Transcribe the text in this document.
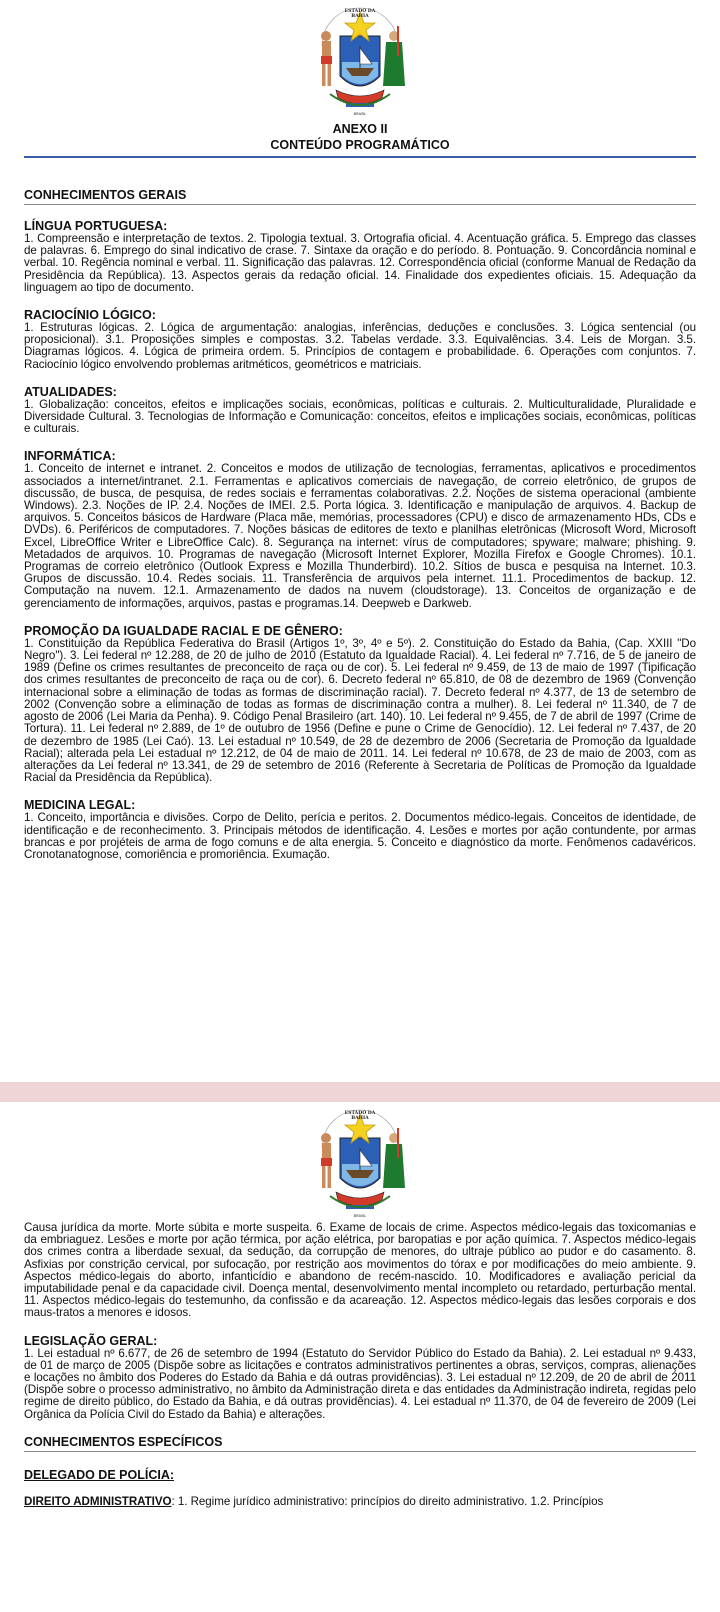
ESTADO DA BAHIA
BRASIL
ANEXO II
CONTEÚDO PROGRAMÁTICO
CONHECIMENTOS GERAIS
LÍNGUA PORTUGUESA:
1. Compreensão e interpretação de textos. 2. Tipologia textual. 3. Ortografia oficial. 4. Acentuação gráfica. 5. Emprego das classes de palavras. 6. Emprego do sinal indicativo de crase. 7. Sintaxe da oração e do período. 8. Pontuação. 9. Concordância nominal e verbal. 10. Regência nominal e verbal. 11. Significação das palavras. 12. Correspondência oficial (conforme Manual de Redação da Presidência da República). 13. Aspectos gerais da redação oficial. 14. Finalidade dos expedientes oficiais. 15. Adequação da linguagem ao tipo de documento.
RACIOCÍNIO LÓGICO:
1. Estruturas lógicas. 2. Lógica de argumentação: analogias, inferências, deduções e conclusões. 3. Lógica sentencial (ou proposicional). 3.1. Proposições simples e compostas. 3.2. Tabelas verdade. 3.3. Equivalências. 3.4. Leis de Morgan. 3.5. Diagramas lógicos. 4. Lógica de primeira ordem. 5. Princípios de contagem e probabilidade. 6. Operações com conjuntos. 7. Raciocínio lógico envolvendo problemas aritméticos, geométricos e matriciais.
ATUALIDADES:
1. Globalização: conceitos, efeitos e implicações sociais, econômicas, políticas e culturais. 2. Multiculturalidade, Pluralidade e Diversidade Cultural. 3. Tecnologias de Informação e Comunicação: conceitos, efeitos e implicações sociais, econômicas, políticas e culturais.
INFORMÁTICA:
1. Conceito de internet e intranet. 2. Conceitos e modos de utilização de tecnologias, ferramentas, aplicativos e procedimentos associados a internet/intranet. 2.1. Ferramentas e aplicativos comerciais de navegação, de correio eletrônico, de grupos de discussão, de busca, de pesquisa, de redes sociais e ferramentas colaborativas. 2.2. Noções de sistema operacional (ambiente Windows). 2.3. Noções de IP. 2.4. Noções de IMEI. 2.5. Porta lógica. 3. Identificação e manipulação de arquivos. 4. Backup de arquivos. 5. Conceitos básicos de Hardware (Placa mãe, memórias, processadores (CPU) e disco de armazenamento HDs, CDs e DVDs). 6. Periféricos de computadores. 7. Noções básicas de editores de texto e planilhas eletrônicas (Microsoft Word, Microsoft Excel, LibreOffice Writer e LibreOffice Calc). 8. Segurança na internet: vírus de computadores; spyware; malware; phishing. 9. Metadados de arquivos. 10. Programas de navegação (Microsoft Internet Explorer, Mozilla Firefox e Google Chromes). 10.1. Programas de correio eletrônico (Outlook Express e Mozilla Thunderbird). 10.2. Sítios de busca e pesquisa na Internet. 10.3. Grupos de discussão. 10.4. Redes sociais. 11. Transferência de arquivos pela internet. 11.1. Procedimentos de backup. 12. Computação na nuvem. 12.1. Armazenamento de dados na nuvem (cloudstorage). 13. Conceitos de organização e de gerenciamento de informações, arquivos, pastas e programas.14. Deepweb e Darkweb.
PROMOÇÃO DA IGUALDADE RACIAL E DE GÊNERO:
1. Constituição da República Federativa do Brasil (Artigos 1º, 3º, 4º e 5º). 2. Constituição do Estado da Bahia, (Cap. XXIII "Do Negro"). 3. Lei federal nº 12.288, de 20 de julho de 2010 (Estatuto da Igualdade Racial). 4. Lei federal nº 7.716, de 5 de janeiro de 1989 (Define os crimes resultantes de preconceito de raça ou de cor). 5. Lei federal nº 9.459, de 13 de maio de 1997 (Tipificação dos crimes resultantes de preconceito de raça ou de cor). 6. Decreto federal nº 65.810, de 08 de dezembro de 1969 (Convenção internacional sobre a eliminação de todas as formas de discriminação racial). 7. Decreto federal nº 4.377, de 13 de setembro de 2002 (Convenção sobre a eliminação de todas as formas de discriminação contra a mulher). 8. Lei federal nº 11.340, de 7 de agosto de 2006 (Lei Maria da Penha). 9. Código Penal Brasileiro (art. 140). 10. Lei federal nº 9.455, de 7 de abril de 1997 (Crime de Tortura). 11. Lei federal nº 2.889, de 1º de outubro de 1956 (Define e pune o Crime de Genocídio). 12. Lei federal nº 7.437, de 20 de dezembro de 1985 (Lei Caó). 13. Lei estadual nº 10.549, de 28 de dezembro de 2006 (Secretaria de Promoção da Igualdade Racial); alterada pela Lei estadual nº 12.212, de 04 de maio de 2011. 14. Lei federal nº 10.678, de 23 de maio de 2003, com as alterações da Lei federal nº 13.341, de 29 de setembro de 2016 (Referente à Secretaria de Políticas de Promoção da Igualdade Racial da Presidência da República).
MEDICINA LEGAL:
1. Conceito, importância e divisões. Corpo de Delito, perícia e peritos. 2. Documentos médico-legais. Conceitos de identidade, de identificação e de reconhecimento. 3. Principais métodos de identificação. 4. Lesões e mortes por ação contundente, por armas brancas e por projéteis de arma de fogo comuns e de alta energia. 5. Conceito e diagnóstico da morte. Fenômenos cadavéricos. Cronotanatognose, comoriência e promoriência. Exumação.
ESTADO DA BAHIA
BRASIL
Causa jurídica da morte. Morte súbita e morte suspeita. 6. Exame de locais de crime. Aspectos médico-legais das toxicomanias e da embriaguez. Lesões e morte por ação térmica, por ação elétrica, por baropatias e por ação química. 7. Aspectos médico-legais dos crimes contra a liberdade sexual, da sedução, da corrupção de menores, do ultraje público ao pudor e do casamento. 8. Asfixias por constrição cervical, por sufocação, por restrição aos movimentos do tórax e por modificações do meio ambiente. 9. Aspectos médico-legais do aborto, infanticídio e abandono de recém-nascido. 10. Modificadores e avaliação pericial da imputabilidade penal e da capacidade civil. Doença mental, desenvolvimento mental incompleto ou retardado, perturbação mental. 11. Aspectos médico-legais do testemunho, da confissão e da acareação. 12. Aspectos médico-legais das lesões corporais e dos maus-tratos a menores e idosos.
LEGISLAÇÃO GERAL:
1. Lei estadual nº 6.677, de 26 de setembro de 1994 (Estatuto do Servidor Público do Estado da Bahia). 2. Lei estadual nº 9.433, de 01 de março de 2005 (Dispõe sobre as licitações e contratos administrativos pertinentes a obras, serviços, compras, alienações e locações no âmbito dos Poderes do Estado da Bahia e dá outras providências). 3. Lei estadual nº 12.209, de 20 de abril de 2011 (Dispõe sobre o processo administrativo, no âmbito da Administração direta e das entidades da Administração indireta, regidas pelo regime de direito público, do Estado da Bahia, e dá outras providências). 4. Lei estadual nº 11.370, de 04 de fevereiro de 2009 (Lei Orgânica da Polícia Civil do Estado da Bahia) e alterações.
CONHECIMENTOS ESPECÍFICOS
DELEGADO DE POLÍCIA:
DIREITO ADMINISTRATIVO: 1. Regime jurídico administrativo: princípios do direito administrativo. 1.2. Princípios
